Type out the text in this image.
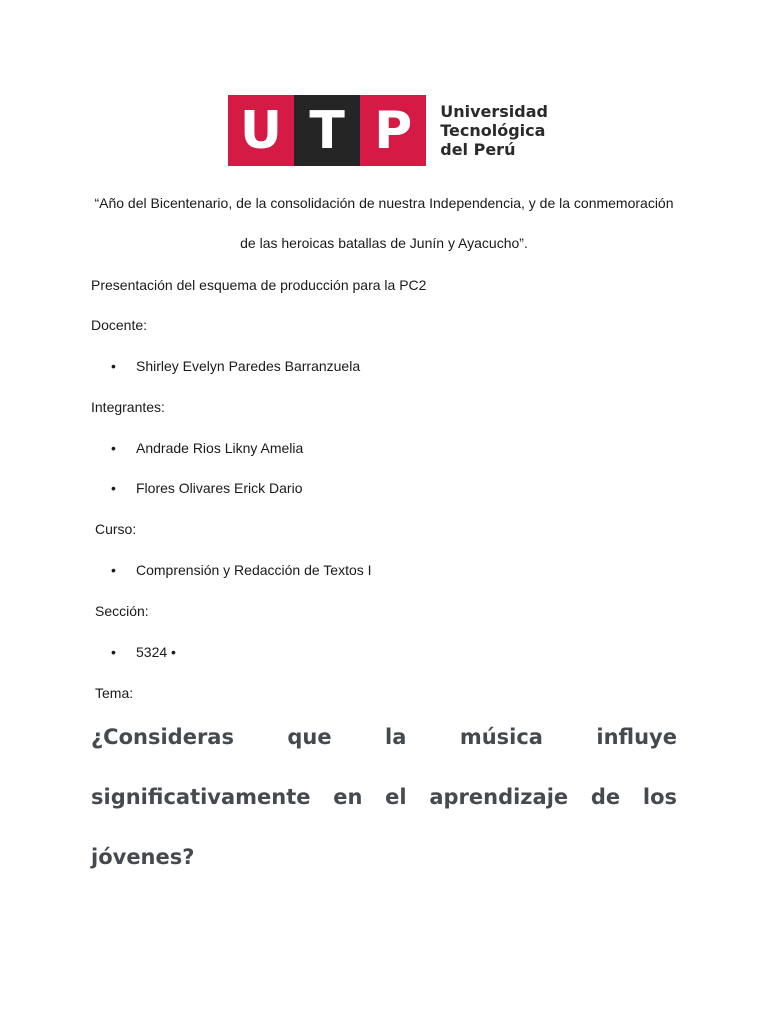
U T P	Universidad
Tecnológica
del Perú
“Año del Bicentenario, de la consolidación de nuestra Independencia, y de la conmemoración
de las heroicas batallas de Junín y Ayacucho”.
Presentación del esquema de producción para la PC2
Docente:
• Shirley Evelyn Paredes Barranzuela
Integrantes:
• Andrade Rios Likny Amelia
• Flores Olivares Erick Dario
Curso:
• Comprensión y Redacción de Textos I
Sección:
• 5324 •
Tema:
¿Consideras	que	la	música	influye
significativamente en el aprendizaje de los
jóvenes?
